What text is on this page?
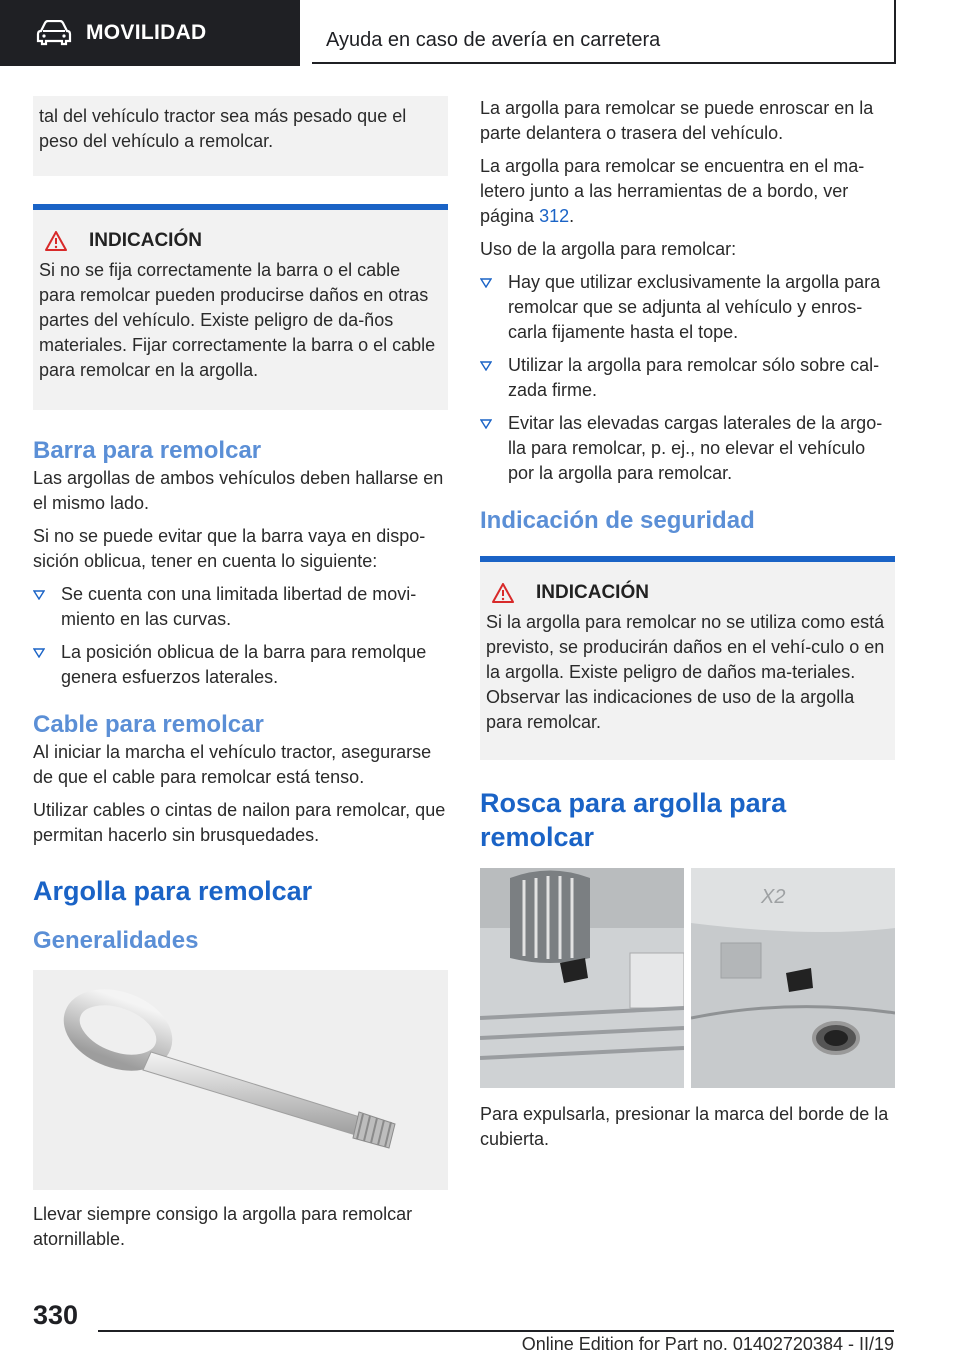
MOVILIDAD	Ayuda en caso de avería en carretera

tal del vehículo tractor sea más pesado que el peso del vehículo a remolcar.

INDICACIÓN

Si no se fija correctamente la barra o el cable para remolcar pueden producirse daños en otras partes del vehículo. Existe peligro de da-ños materiales. Fijar correctamente la barra o el cable para remolcar en la argolla.

Barra para remolcar

Las argollas de ambos vehículos deben hallarse en el mismo lado.

Si no se puede evitar que la barra vaya en dispo-sición oblicua, tener en cuenta lo siguiente:

Se cuenta con una limitada libertad de movi-miento en las curvas.
La posición oblicua de la barra para remolque genera esfuerzos laterales.
Cable para remolcar

Al iniciar la marcha el vehículo tractor, asegurarse de que el cable para remolcar está tenso.

Utilizar cables o cintas de nailon para remolcar, que permitan hacerlo sin brusquedades.

Argolla para remolcar
Generalidades

Llevar siempre consigo la argolla para remolcar atornillable.

La argolla para remolcar se puede enroscar en la parte delantera o trasera del vehículo.

La argolla para remolcar se encuentra en el ma-letero junto a las herramientas de a bordo, ver página 312.

Uso de la argolla para remolcar:

Hay que utilizar exclusivamente la argolla para remolcar que se adjunta al vehículo y enros-carla fijamente hasta el tope.
Utilizar la argolla para remolcar sólo sobre cal-zada firme.
Evitar las elevadas cargas laterales de la argo-lla para remolcar, p. ej., no elevar el vehículo por la argolla para remolcar.
Indicación de seguridad
INDICACIÓN

Si la argolla para remolcar no se utiliza como está previsto, se producirán daños en el vehí-culo o en la argolla. Existe peligro de daños ma-teriales. Observar las indicaciones de uso de la argolla para remolcar.

Rosca para argolla para remolcar
X2

Para expulsarla, presionar la marca del borde de la cubierta.

330
Online Edition for Part no. 01402720384 - II/19
